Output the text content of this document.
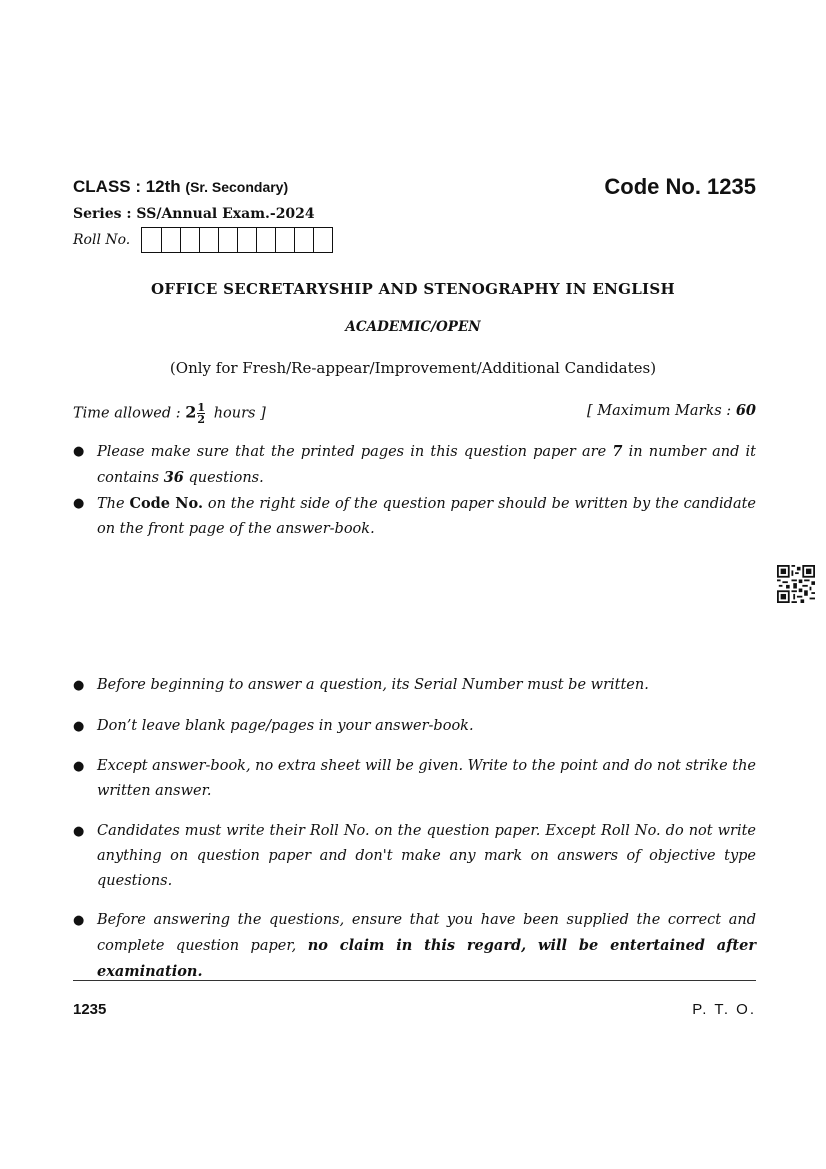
CLASS : 12th (Sr. Secondary)	Code No. 1235
Series : SS/Annual Exam.-2024
Roll No.
OFFICE SECRETARYSHIP AND STENOGRAPHY IN ENGLISH
ACADEMIC/OPEN
(Only for Fresh/Re-appear/Improvement/Additional Candidates)
Time allowed : $2 \frac{1}{2}$ hours ]	[ Maximum Marks : 60
● Please make sure that the printed pages in this question paper are 7 in number and it contains 36 questions.
● The Code No. on the right side of the question paper should be written by the candidate on the front page of the answer-book.
● Before beginning to answer a question, its Serial Number must be written.
● Don’t leave blank page/pages in your answer-book.
● Except answer-book, no extra sheet will be given. Write to the point and do not strike the written answer.
● Candidates must write their Roll No. on the question paper. Except Roll No. do not write anything on question paper and don't make any mark on answers of objective type questions.
● Before answering the questions, ensure that you have been supplied the correct and complete question paper, no claim in this regard, will be entertained after examination.
1235	P. T. O.
